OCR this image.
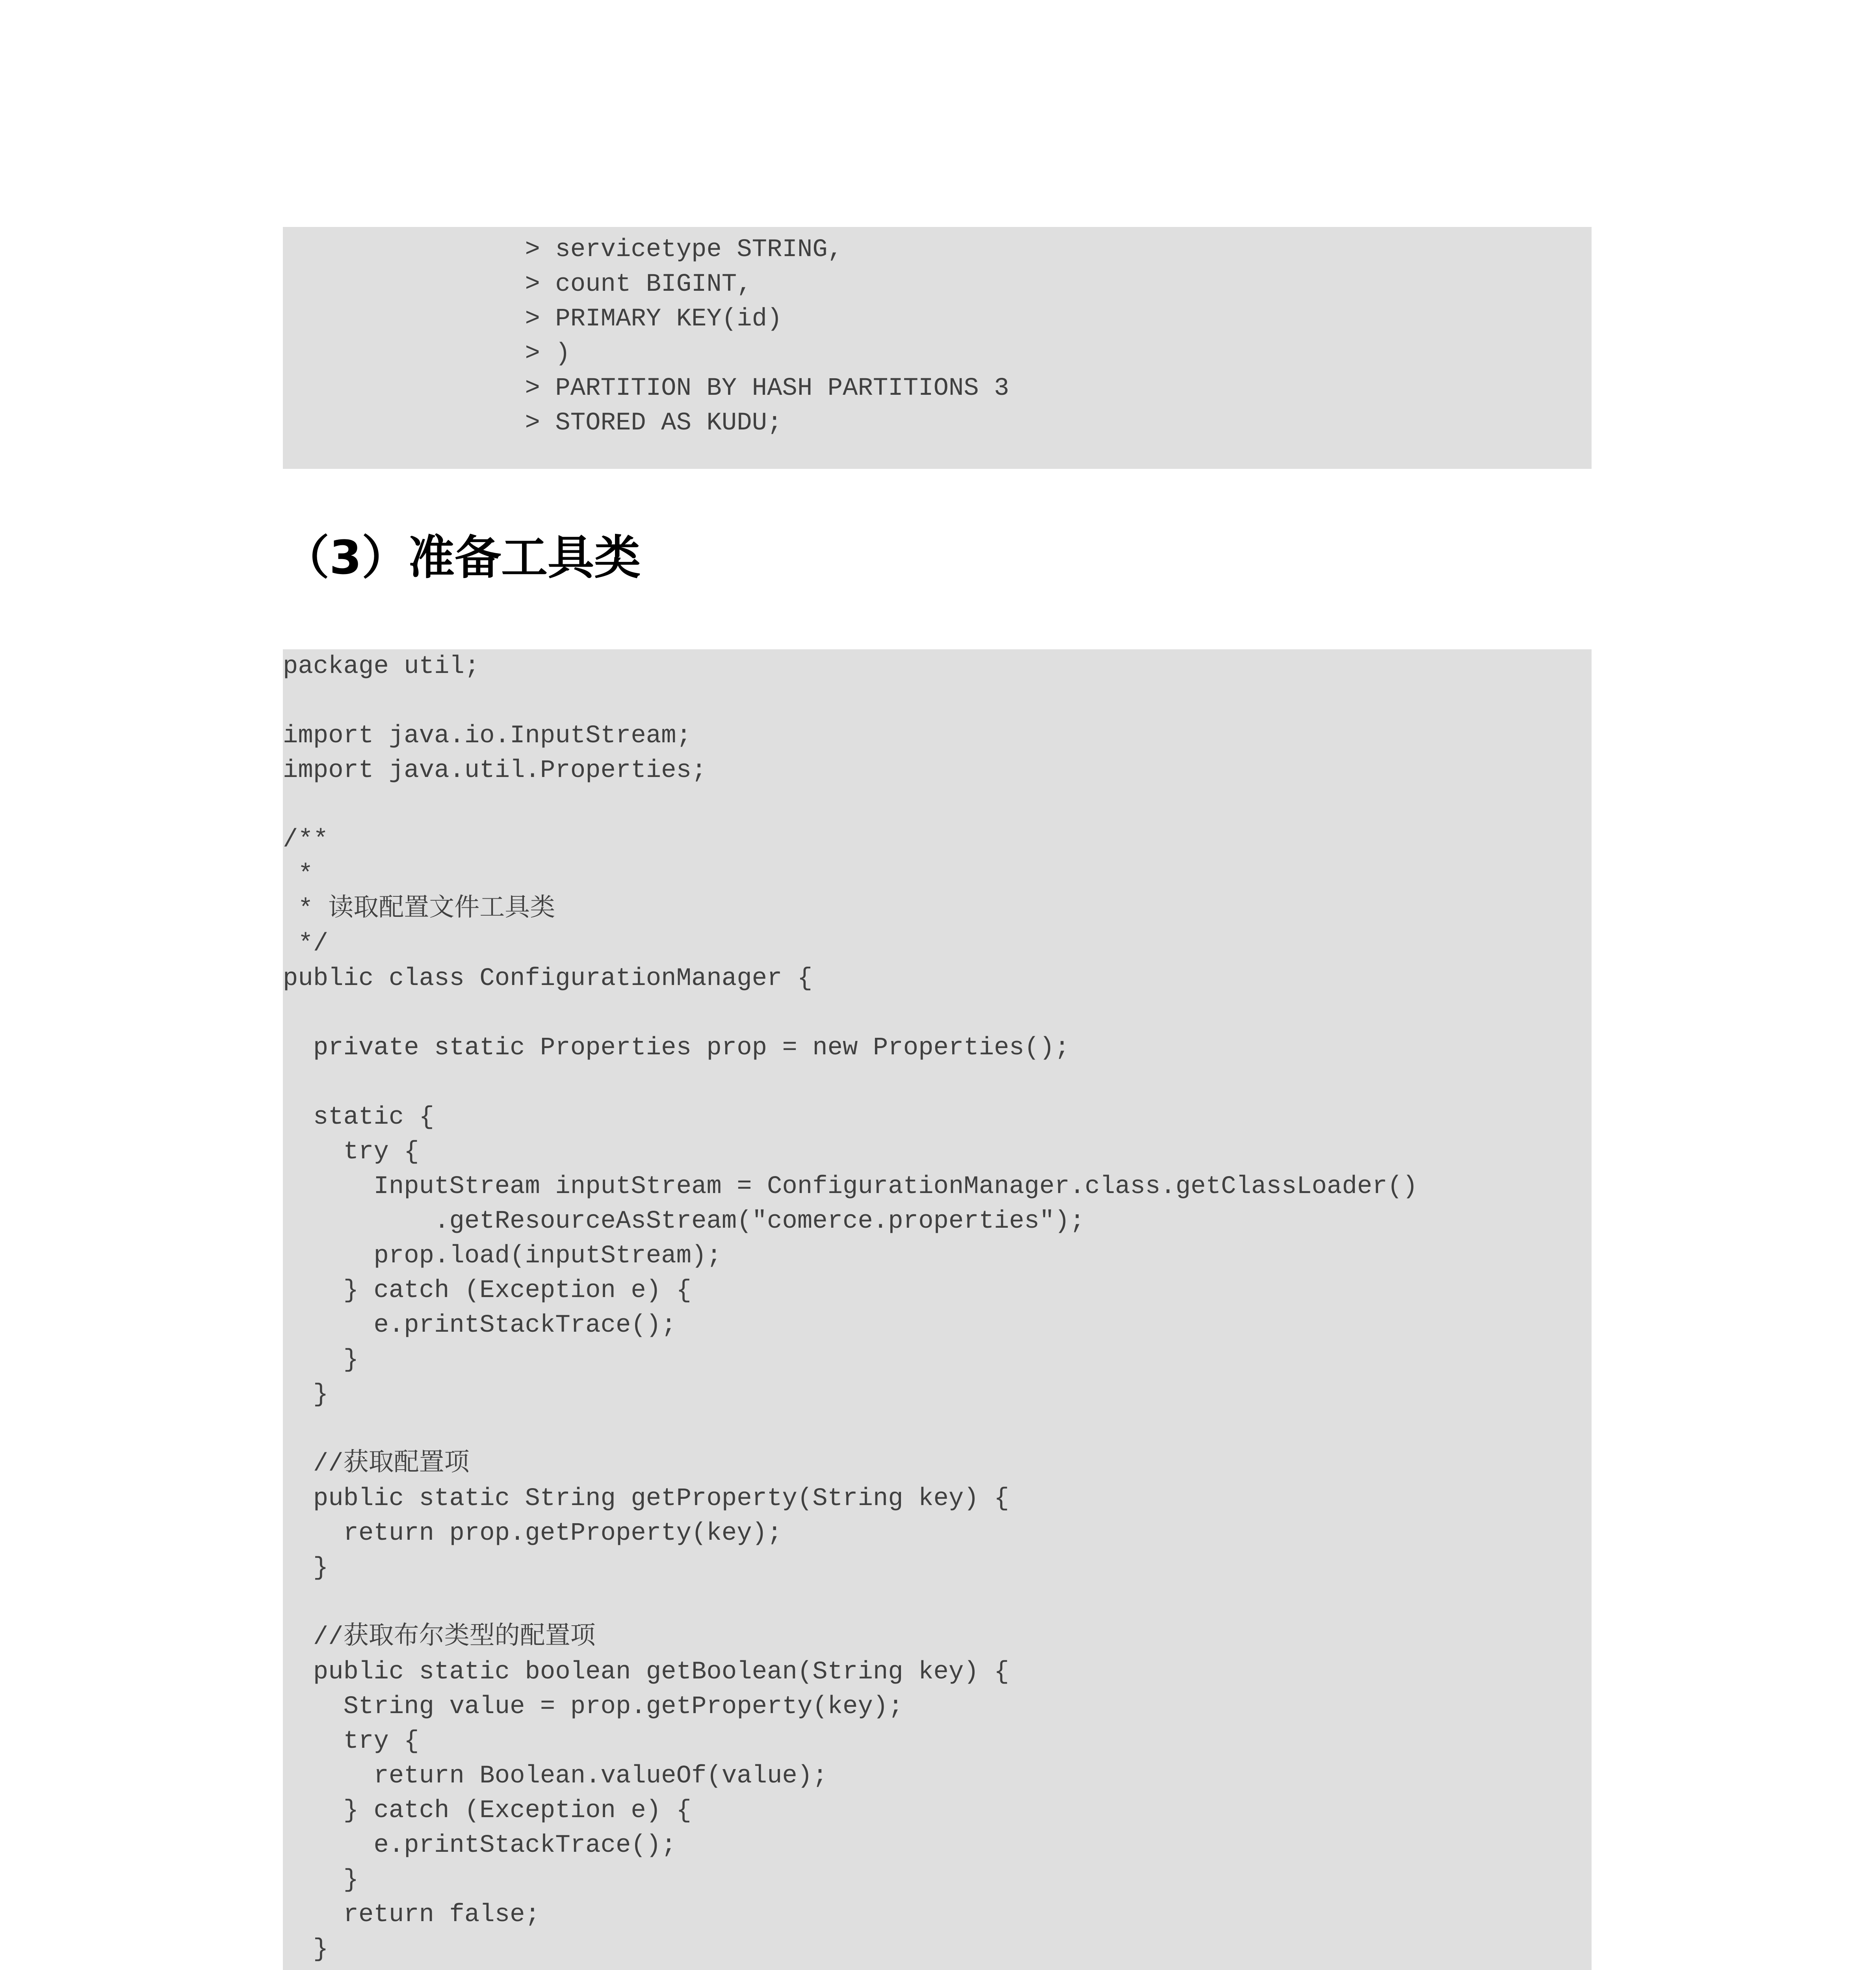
> servicetype STRING,
> count BIGINT,
> PRIMARY KEY(id)
> )
> PARTITION BY HASH PARTITIONS 3
> STORED AS KUDU;
（3）准备工具类
package util;
import java.io.InputStream;
import java.util.Properties;
/**
*
* 读取配置文件工具类
*/
public class ConfigurationManager {
private static Properties prop = new Properties();
static {
try {
InputStream inputStream = ConfigurationManager.class.getClassLoader()
.getResourceAsStream("comerce.properties");
prop.load(inputStream);
} catch (Exception e) {
e.printStackTrace();
}
}
//获取配置项
public static String getProperty(String key) {
return prop.getProperty(key);
}
//获取布尔类型的配置项
public static boolean getBoolean(String key) {
String value = prop.getProperty(key);
try {
return Boolean.valueOf(value);
} catch (Exception e) {
e.printStackTrace();
}
return false;
}
